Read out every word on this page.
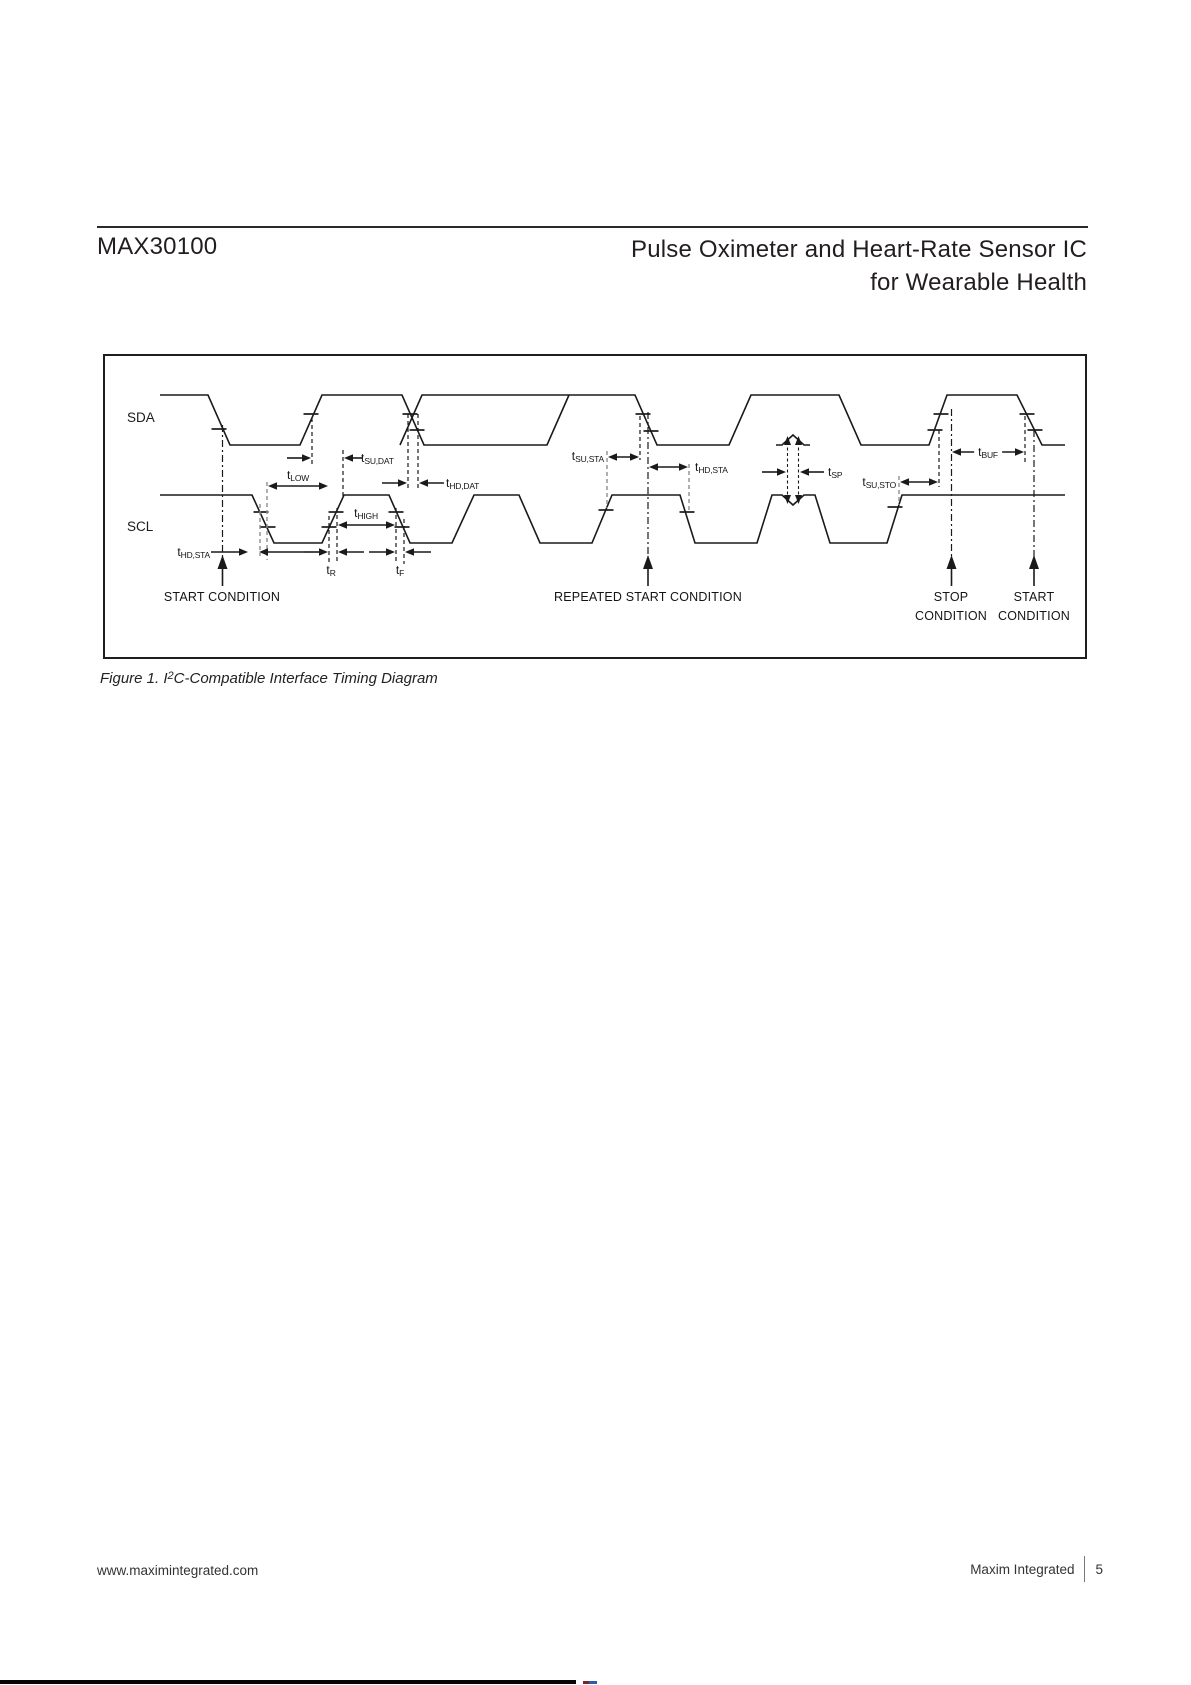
MAX30100	Pulse Oximeter and Heart-Rate Sensor IC
for Wearable Health
SDA
SCL
$t_{HD,STA}$
$t_{LOW}$
$t_{SU,DAT}$
$t_{HD,DAT}$
$t_{HIGH}$
$t_R$	$t_F$
$t_{SU,STA}$
$t_{HD,STA}$	$t_{SP}$ $t_{SU,STO}$
$t_{BUF}$
START CONDITION	REPEATED START CONDITION	STOP
CONDITION
START
CONDITION
Figure 1. $I^2C$-Compatible Interface Timing Diagram
www.maximintegrated.com	Maxim Integrated 5
